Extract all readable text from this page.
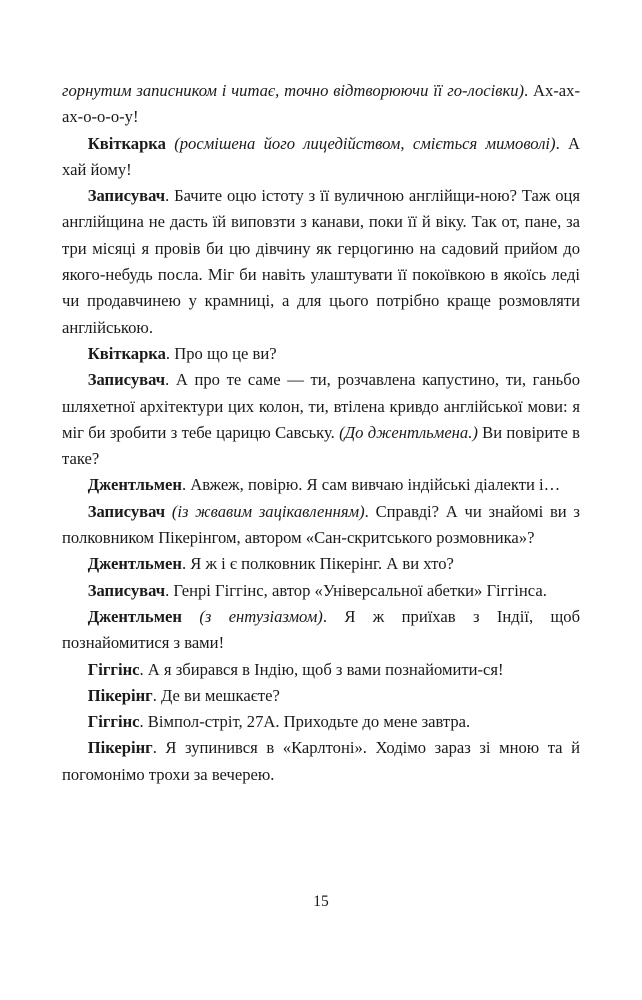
горнутим записником і читає, точно відтворюючи її го-лосівки). Ах-ах-ах-о-о-о-у!

Квіткарка (росмішена його лицедійством, сміється мимоволі). А хай йому!

Записувач. Бачите оцю істоту з її вуличною англійщи-ною? Таж оця англійщина не дасть їй виповзти з канави, поки її й віку. Так от, пане, за три місяці я провів би цю дівчину як герцогиню на садовий прийом до якого-небудь посла. Міг би навіть улаштувати її покоївкою в якоїсь леді чи продавчинею у крамниці, а для цього потрібно краще розмовляти англійською.

Квіткарка. Про що це ви?

Записувач. А про те саме — ти, розчавлена капустино, ти, ганьбо шляхетної архітектури цих колон, ти, втілена кривдо англійської мови: я міг би зробити з тебе царицю Савську. (До джентльмена.) Ви повірите в таке?

Джентльмен. Авжеж, повірю. Я сам вивчаю індійські діалекти і…

Записувач (із жвавим зацікавленням). Справді? А чи знайомі ви з полковником Пікерінгом, автором «Сан-скритського розмовника»?

Джентльмен. Я ж і є полковник Пікерінг. А ви хто?

Записувач. Генрі Гіггінс, автор «Універсальної абетки» Гіггінса.

Джентльмен (з ентузіазмом). Я ж приїхав з Індії, щоб познайомитися з вами!

Гіггінс. А я збирався в Індію, щоб з вами познайомити-ся!

Пікерінг. Де ви мешкаєте?

Гіггінс. Вімпол-стріт, 27А. Приходьте до мене завтра.

Пікерінг. Я зупинився в «Карлтоні». Ходімо зараз зі мною та й погомонімо трохи за вечерею.

15
